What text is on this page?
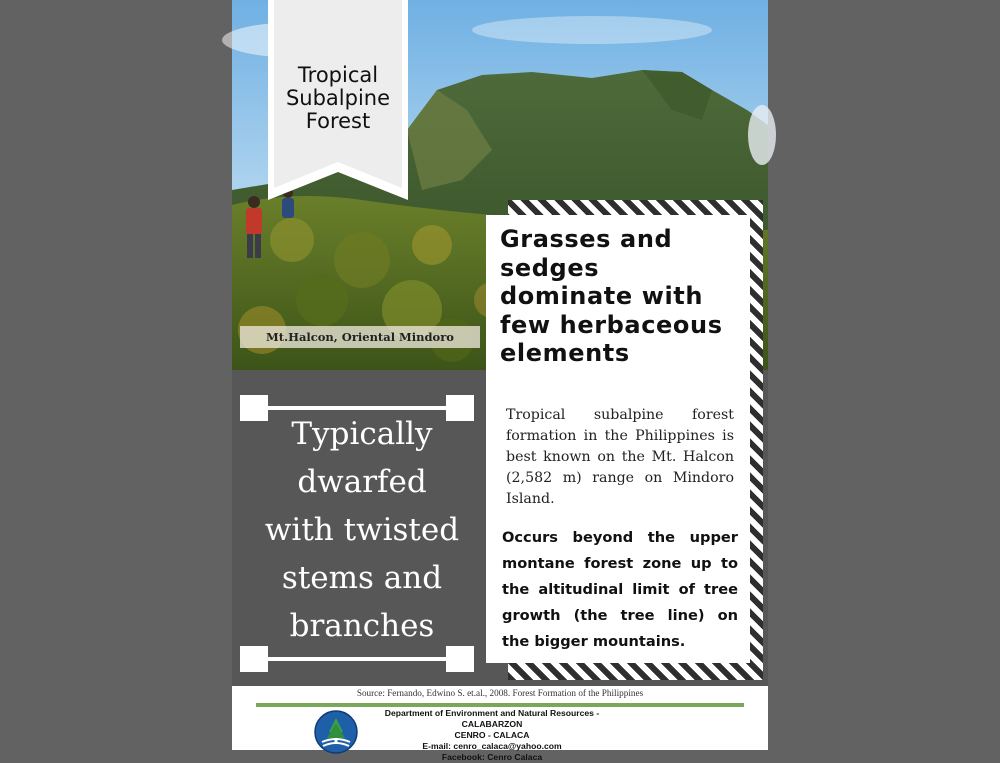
Tropical
Subalpine
Forest
Mt.Halcon, Oriental Mindoro
Grasses and
sedges
dominate with
few herbaceous
elements
Tropical subalpine forest formation in the Philippines is best known on the Mt. Halcon (2,582 m) range on Mindoro Island.
Occurs beyond the upper montane forest zone up to the altitudinal limit of tree growth (the tree line) on the bigger mountains.
Typically
dwarfed
with twisted
stems and
branches
Source: Fernando, Edwino S. et.al., 2008. Forest Formation of the Philippines
Department of Environment and Natural Resources - CALABARZON
CENRO - CALACA
E-mail: cenro_calaca@yahoo.com
Facebook: Cenro Calaca
